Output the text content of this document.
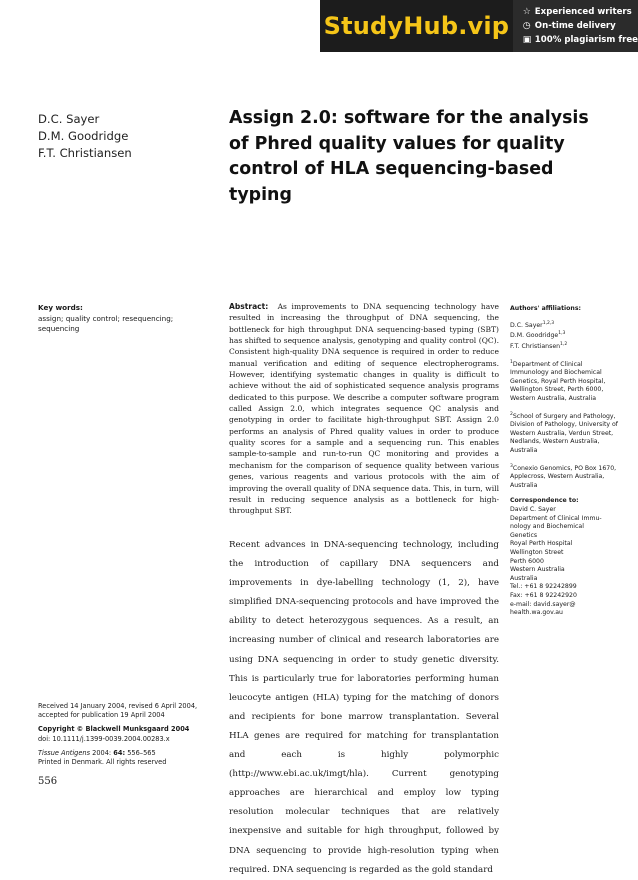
StudyHub.vip ☆ Experienced writers
◷ On-time delivery
▣ 100% plagiarism free
D.C. Sayer
D.M. Goodridge
F.T. Christiansen
Assign 2.0: software for the analysis of Phred quality values for quality control of HLA sequencing-based typing
Key words:
assign; quality control; resequencing; sequencing

Abstract: As improvements to DNA sequencing technology have resulted in increasing the throughput of DNA sequencing, the bottleneck for high throughput DNA sequencing-based typing (SBT) has shifted to sequence analysis, genotyping and quality control (QC). Consistent high-quality DNA sequence is required in order to reduce manual verification and editing of sequence electropherograms. However, identifying systematic changes in quality is difficult to achieve without the aid of sophisticated sequence analysis programs dedicated to this purpose. We describe a computer software program called Assign 2.0, which integrates sequence QC analysis and genotyping in order to facilitate high-throughput SBT. Assign 2.0 performs an analysis of Phred quality values in order to produce quality scores for a sample and a sequencing run. This enables sample-to-sample and run-to-run QC monitoring and provides a mechanism for the comparison of sequence quality between various genes, various reagents and various protocols with the aim of improving the overall quality of DNA sequence data. This, in turn, will result in reducing sequence analysis as a bottleneck for high-throughput SBT.

Recent advances in DNA-sequencing technology, including the introduction of capillary DNA sequencers and improvements in dye-labelling technology (1, 2), have simplified DNA-sequencing protocols and have improved the ability to detect heterozygous sequences. As a result, an increasing number of clinical and research laboratories are using DNA sequencing in order to study genetic diversity. This is particularly true for laboratories performing human leucocyte antigen (HLA) typing for the matching of donors and recipients for bone marrow transplantation. Several HLA genes are required for matching for transplantation and each is highly polymorphic (http://www.ebi.ac.uk/imgt/hla). Current genotyping approaches are hierarchical and employ low typing resolution molecular techniques that are relatively inexpensive and suitable for high throughput, followed by DNA sequencing to provide high-resolution typing when required. DNA sequencing is regarded as the gold standard

Received 14 January 2004, revised 6 April 2004, accepted for publication 19 April 2004

Copyright © Blackwell Munksgaard 2004

doi: 10.1111/j.1399-0039.2004.00283.x

Tissue Antigens 2004: 64: 556–565
Printed in Denmark. All rights reserved
556
Authors' affiliations:
D.C. Sayer$^{1,2,3}$
D.M. Goodridge$^{1,3}$
F.T. Christiansen$^{1,2}$
$^1$Department of Clinical Immunology and Biochemical Genetics, Royal Perth Hospital, Wellington Street, Perth 6000, Western Australia, Australia
$^2$School of Surgery and Pathology, Division of Pathology, University of Western Australia, Verdun Street, Nedlands, Western Australia, Australia
$^3$Conexio Genomics, PO Box 1670, Applecross, Western Australia, Australia
Correspondence to:
David C. Sayer
Department of Clinical Immu-
nology and Biochemical
Genetics
Royal Perth Hospital
Wellington Street
Perth 6000
Western Australia
Australia
Tel.: +61 8 92242899
Fax: +61 8 92242920
e-mail: david.sayer@
health.wa.gov.au
